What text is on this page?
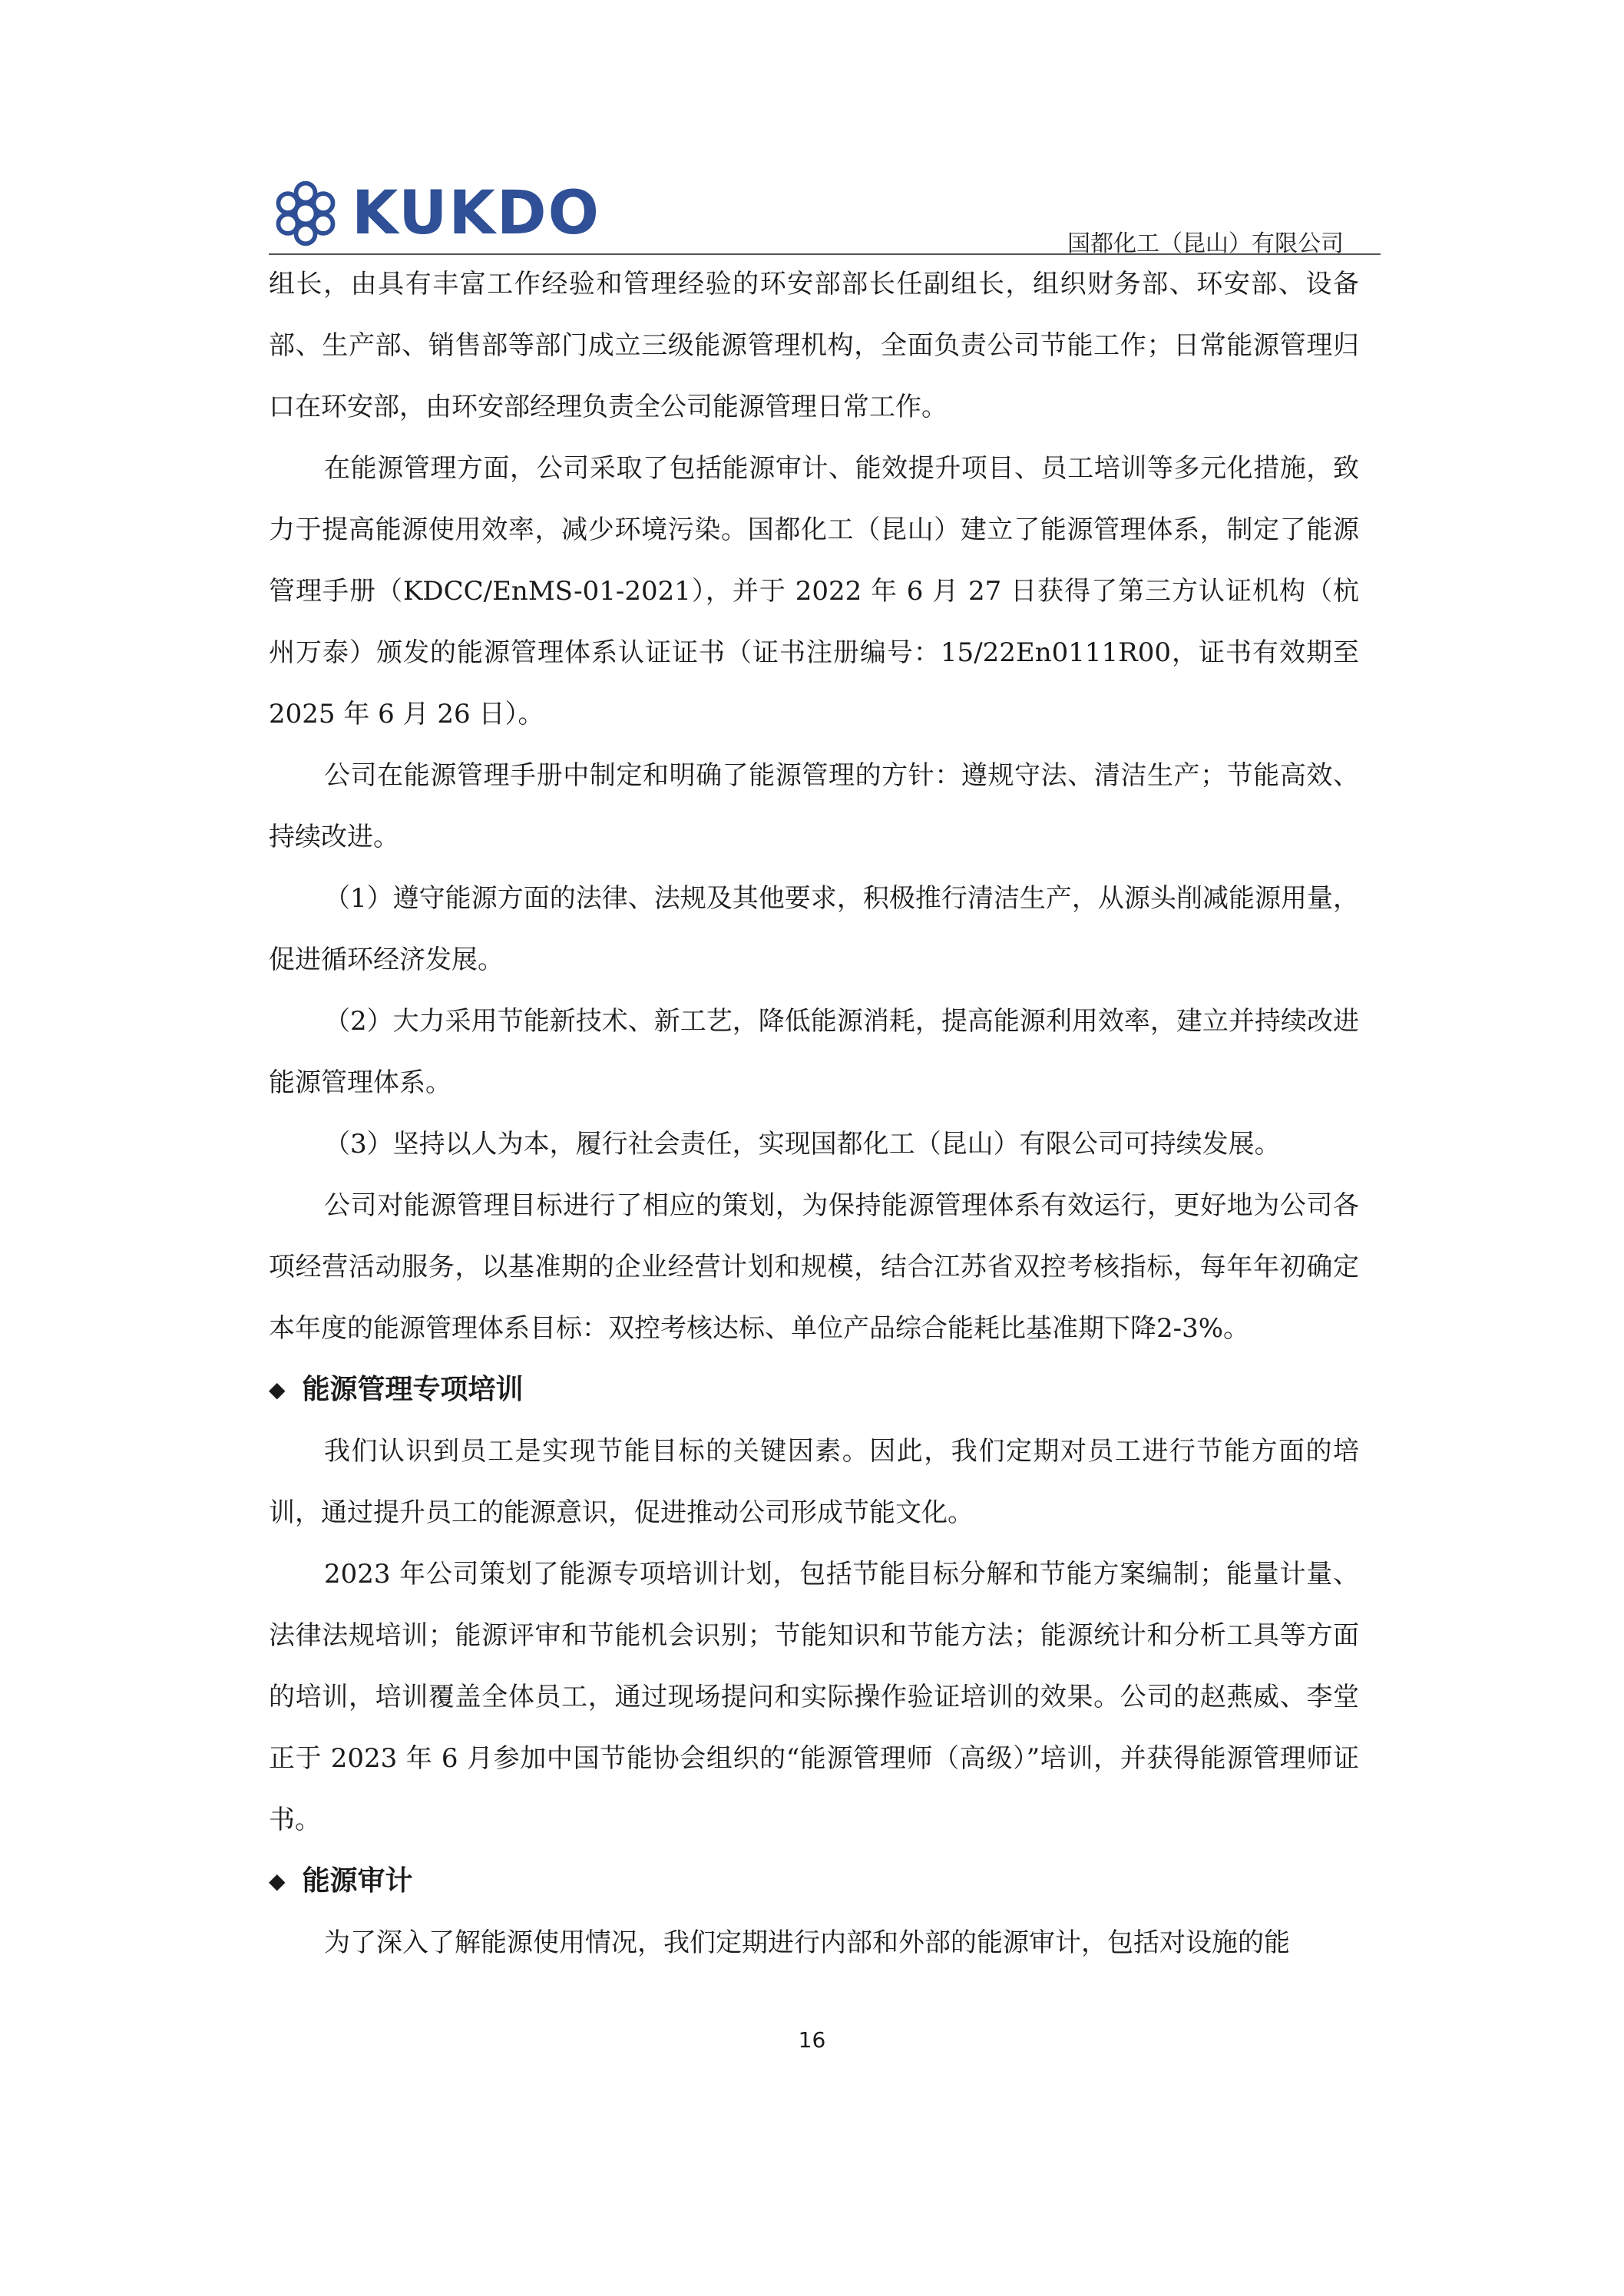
KUKDO	国都化工（昆山）有限公司

组长，由具有丰富工作经验和管理经验的环安部部长任副组长，组织财务部、环安部、设备部、生产部、销售部等部门成立三级能源管理机构，全面负责公司节能工作；日常能源管理归口在环安部，由环安部经理负责全公司能源管理日常工作。

在能源管理方面，公司采取了包括能源审计、能效提升项目、员工培训等多元化措施，致力于提高能源使用效率，减少环境污染。国都化工（昆山）建立了能源管理体系，制定了能源管理手册（KDCC/EnMS-01-2021），并于 2022 年 6 月 27 日获得了第三方认证机构（杭州万泰）颁发的能源管理体系认证证书（证书注册编号：15/22En0111R00，证书有效期至 2025 年 6 月 26 日）。

公司在能源管理手册中制定和明确了能源管理的方针：遵规守法、清洁生产；节能高效、持续改进。

（1）遵守能源方面的法律、法规及其他要求，积极推行清洁生产，从源头削减能源用量，促进循环经济发展。

（2）大力采用节能新技术、新工艺，降低能源消耗，提高能源利用效率，建立并持续改进能源管理体系。

（3）坚持以人为本，履行社会责任，实现国都化工（昆山）有限公司可持续发展。

公司对能源管理目标进行了相应的策划，为保持能源管理体系有效运行，更好地为公司各项经营活动服务，以基准期的企业经营计划和规模，结合江苏省双控考核指标，每年年初确定本年度的能源管理体系目标：双控考核达标、单位产品综合能耗比基准期下降2-3%。

◆ 能源管理专项培训

我们认识到员工是实现节能目标的关键因素。因此，我们定期对员工进行节能方面的培训，通过提升员工的能源意识，促进推动公司形成节能文化。

2023 年公司策划了能源专项培训计划，包括节能目标分解和节能方案编制；能量计量、法律法规培训；能源评审和节能机会识别；节能知识和节能方法；能源统计和分析工具等方面的培训，培训覆盖全体员工，通过现场提问和实际操作验证培训的效果。公司的赵燕威、李堂正于 2023 年 6 月参加中国节能协会组织的“能源管理师（高级）”培训，并获得能源管理师证书。

◆ 能源审计

为了深入了解能源使用情况，我们定期进行内部和外部的能源审计，包括对设施的能

16
